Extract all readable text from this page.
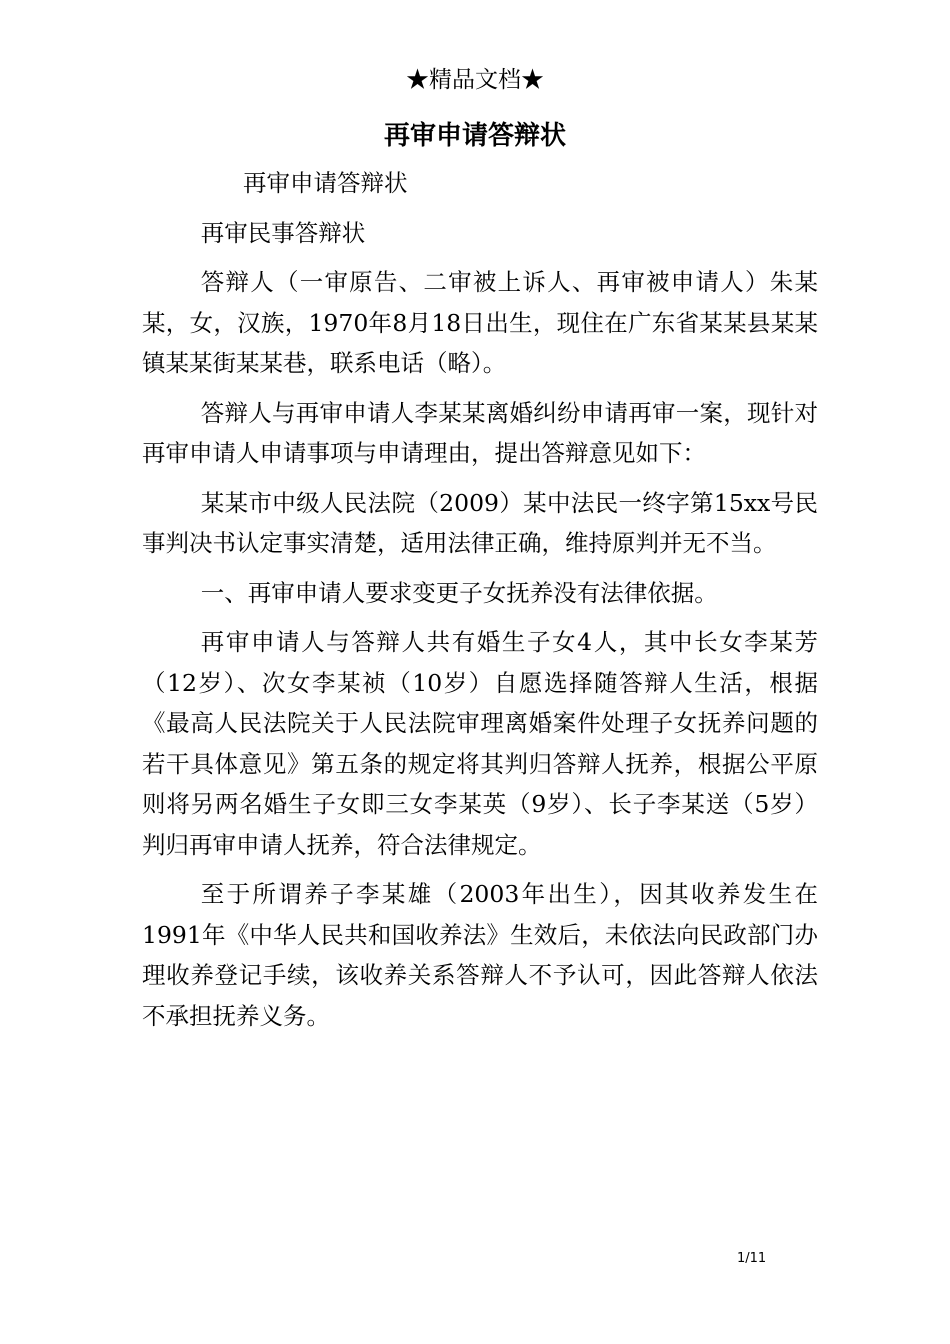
★精品文档★
再审申请答辩状

再审申请答辩状

再审民事答辩状

答辩人（一审原告、二审被上诉人、再审被申请人）朱某某，女，汉族，1970年8月18日出生，现住在广东省某某县某某镇某某街某某巷，联系电话（略）。

答辩人与再审申请人李某某离婚纠纷申请再审一案，现针对再审申请人申请事项与申请理由，提出答辩意见如下：

某某市中级人民法院（2009）某中法民一终字第15xx号民事判决书认定事实清楚，适用法律正确，维持原判并无不当。

一、再审申请人要求变更子女抚养没有法律依据。

再审申请人与答辩人共有婚生子女4人，其中长女李某芳（12岁）、次女李某祯（10岁）自愿选择随答辩人生活，根据《最高人民法院关于人民法院审理离婚案件处理子女抚养问题的若干具体意见》第五条的规定将其判归答辩人抚养，根据公平原则将另两名婚生子女即三女李某英（9岁）、长子李某送（5岁）判归再审申请人抚养，符合法律规定。

至于所谓养子李某雄（2003年出生），因其收养发生在1991年《中华人民共和国收养法》生效后，未依法向民政部门办理收养登记手续，该收养关系答辩人不予认可，因此答辩人依法不承担抚养义务。

1/11
